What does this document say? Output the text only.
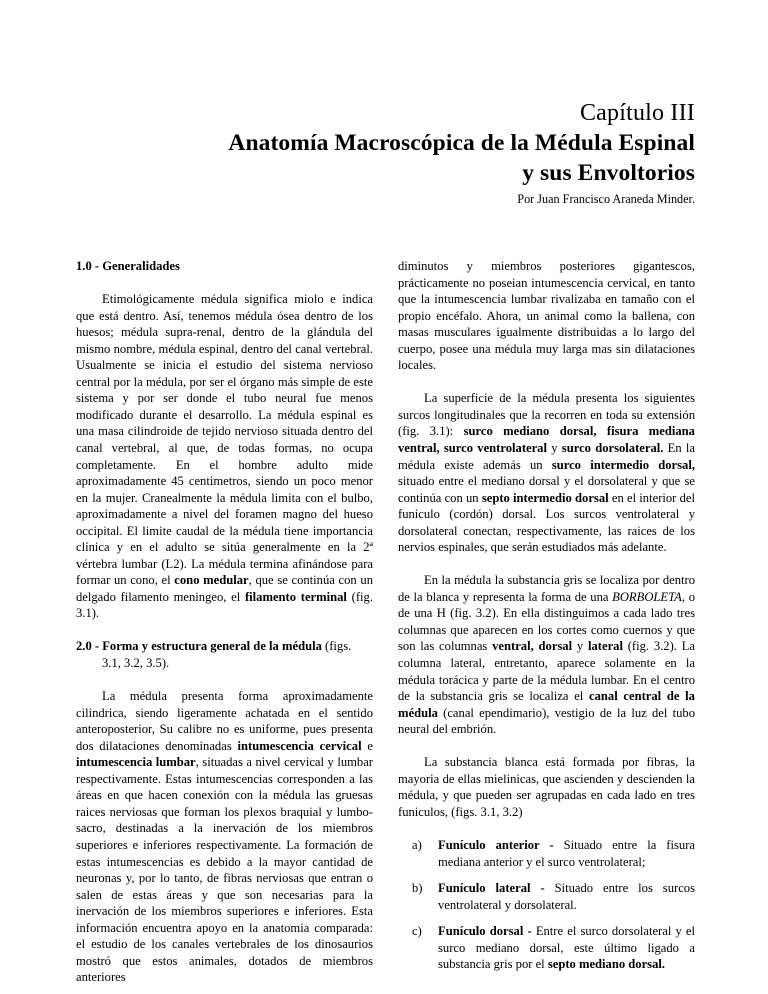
Capítulo III
Anatomía Macroscópica de la Médula Espinal
y sus Envoltorios
Por Juan Francisco Araneda Minder.
1.0 - Generalidades

Etimológicamente médula significa miolo e indica que está dentro. Así, tenemos médula ósea dentro de los huesos; médula supra-renal, dentro de la glándula del mismo nombre, médula espinal, dentro del canal vertebral. Usualmente se inicia el estudio del sistema nervioso central por la médula, por ser el órgano más simple de este sistema y por ser donde el tubo neural fue menos modificado durante el desarrollo. La médula espinal es una masa cilindroide de tejido nervioso situada dentro del canal vertebral, al que, de todas formas, no ocupa completamente. En el hombre adulto mide aproximadamente 45 centimetros, siendo un poco menor en la mujer. Cranealmente la médula limita con el bulbo, aproximadamente a nivel del foramen magno del hueso occipital. El limite caudal de la médula tiene importancia clínica y en el adulto se sitúa generalmente en la 2ª vértebra lumbar (L2). La médula termina afinándose para formar un cono, el cono medular, que se continúa con un delgado filamento meningeo, el filamento terminal (fig. 3.1).

2.0 - Forma y estructura general de la médula (figs. 3.1, 3.2, 3.5).

La médula presenta forma aproximadamente cilindrica, siendo ligeramente achatada en el sentido anteroposterior, Su calibre no es uniforme, pues presenta dos dilataciones denominadas intumescencia cervical e intumescencia lumbar, situadas a nivel cervical y lumbar respectivamente. Estas intumescencias corresponden a las áreas en que hacen conexión con la médula las gruesas raices nerviosas que forman los plexos braquial y lumbo-sacro, destinadas a la inervación de los miembros superiores e inferiores respectivamente. La formación de estas intumescencias es debido a la mayor cantidad de neuronas y, por lo tanto, de fibras nerviosas que entran o salen de estas áreas y que son necesarias para la inervación de los miembros superiores e inferiores. Esta información encuentra apoyo en la anatomia comparada: el estudio de los canales vertebrales de los dinosaurios mostró que estos animales, dotados de miembros anteriores

diminutos y miembros posteriores gigantescos, prácticamente no poseian intumescencia cervical, en tanto que la intumescencia lumbar rivalizaba en tamaño con el propio encéfalo. Ahora, un animal como la ballena, con masas musculares igualmente distribuidas a lo largo del cuerpo, posee una médula muy larga mas sin dilataciones locales.

La superficie de la médula presenta los siguientes surcos longitudinales que la recorren en toda su extensión (fig. 3.1): surco mediano dorsal, fisura mediana ventral, surco ventrolateral y surco dorsolateral. En la médula existe además un surco intermedio dorsal, situado entre el mediano dorsal y el dorsolateral y que se continúa con un septo intermedio dorsal en el interior del funiculo (cordón) dorsal. Los surcos ventrolateral y dorsolateral conectan, respectivamente, las raices de los nervios espinales, que serán estudiados más adelante.

En la médula la substancia gris se localiza por dentro de la blanca y representa la forma de una BORBOLETA, o de una H (fig. 3.2). En ella distinguimos a cada lado tres columnas que aparecen en los cortes como cuernos y que son las columnas ventral, dorsal y lateral (fig. 3.2). La columna lateral, entretanto, aparece solamente en la médula torácica y parte de la médula lumbar. En el centro de la substancia gris se localiza el canal central de la médula (canal ependimario), vestigio de la luz del tubo neural del embrión.

La substancia blanca está formada por fibras, la mayoria de ellas mielinicas, que ascienden y descienden la médula, y que pueden ser agrupadas en cada lado en tres funiculos, (figs. 3.1, 3.2)

a)	Funículo anterior - Situado entre la fisura mediana anterior y el surco ventrolateral;
b)	Funículo lateral - Situado entre los surcos ventrolateral y dorsolateral.
c)	Funículo dorsal - Entre el surco dorsolateral y el surco mediano dorsal, este último ligado a substancia gris por el septo mediano dorsal.
